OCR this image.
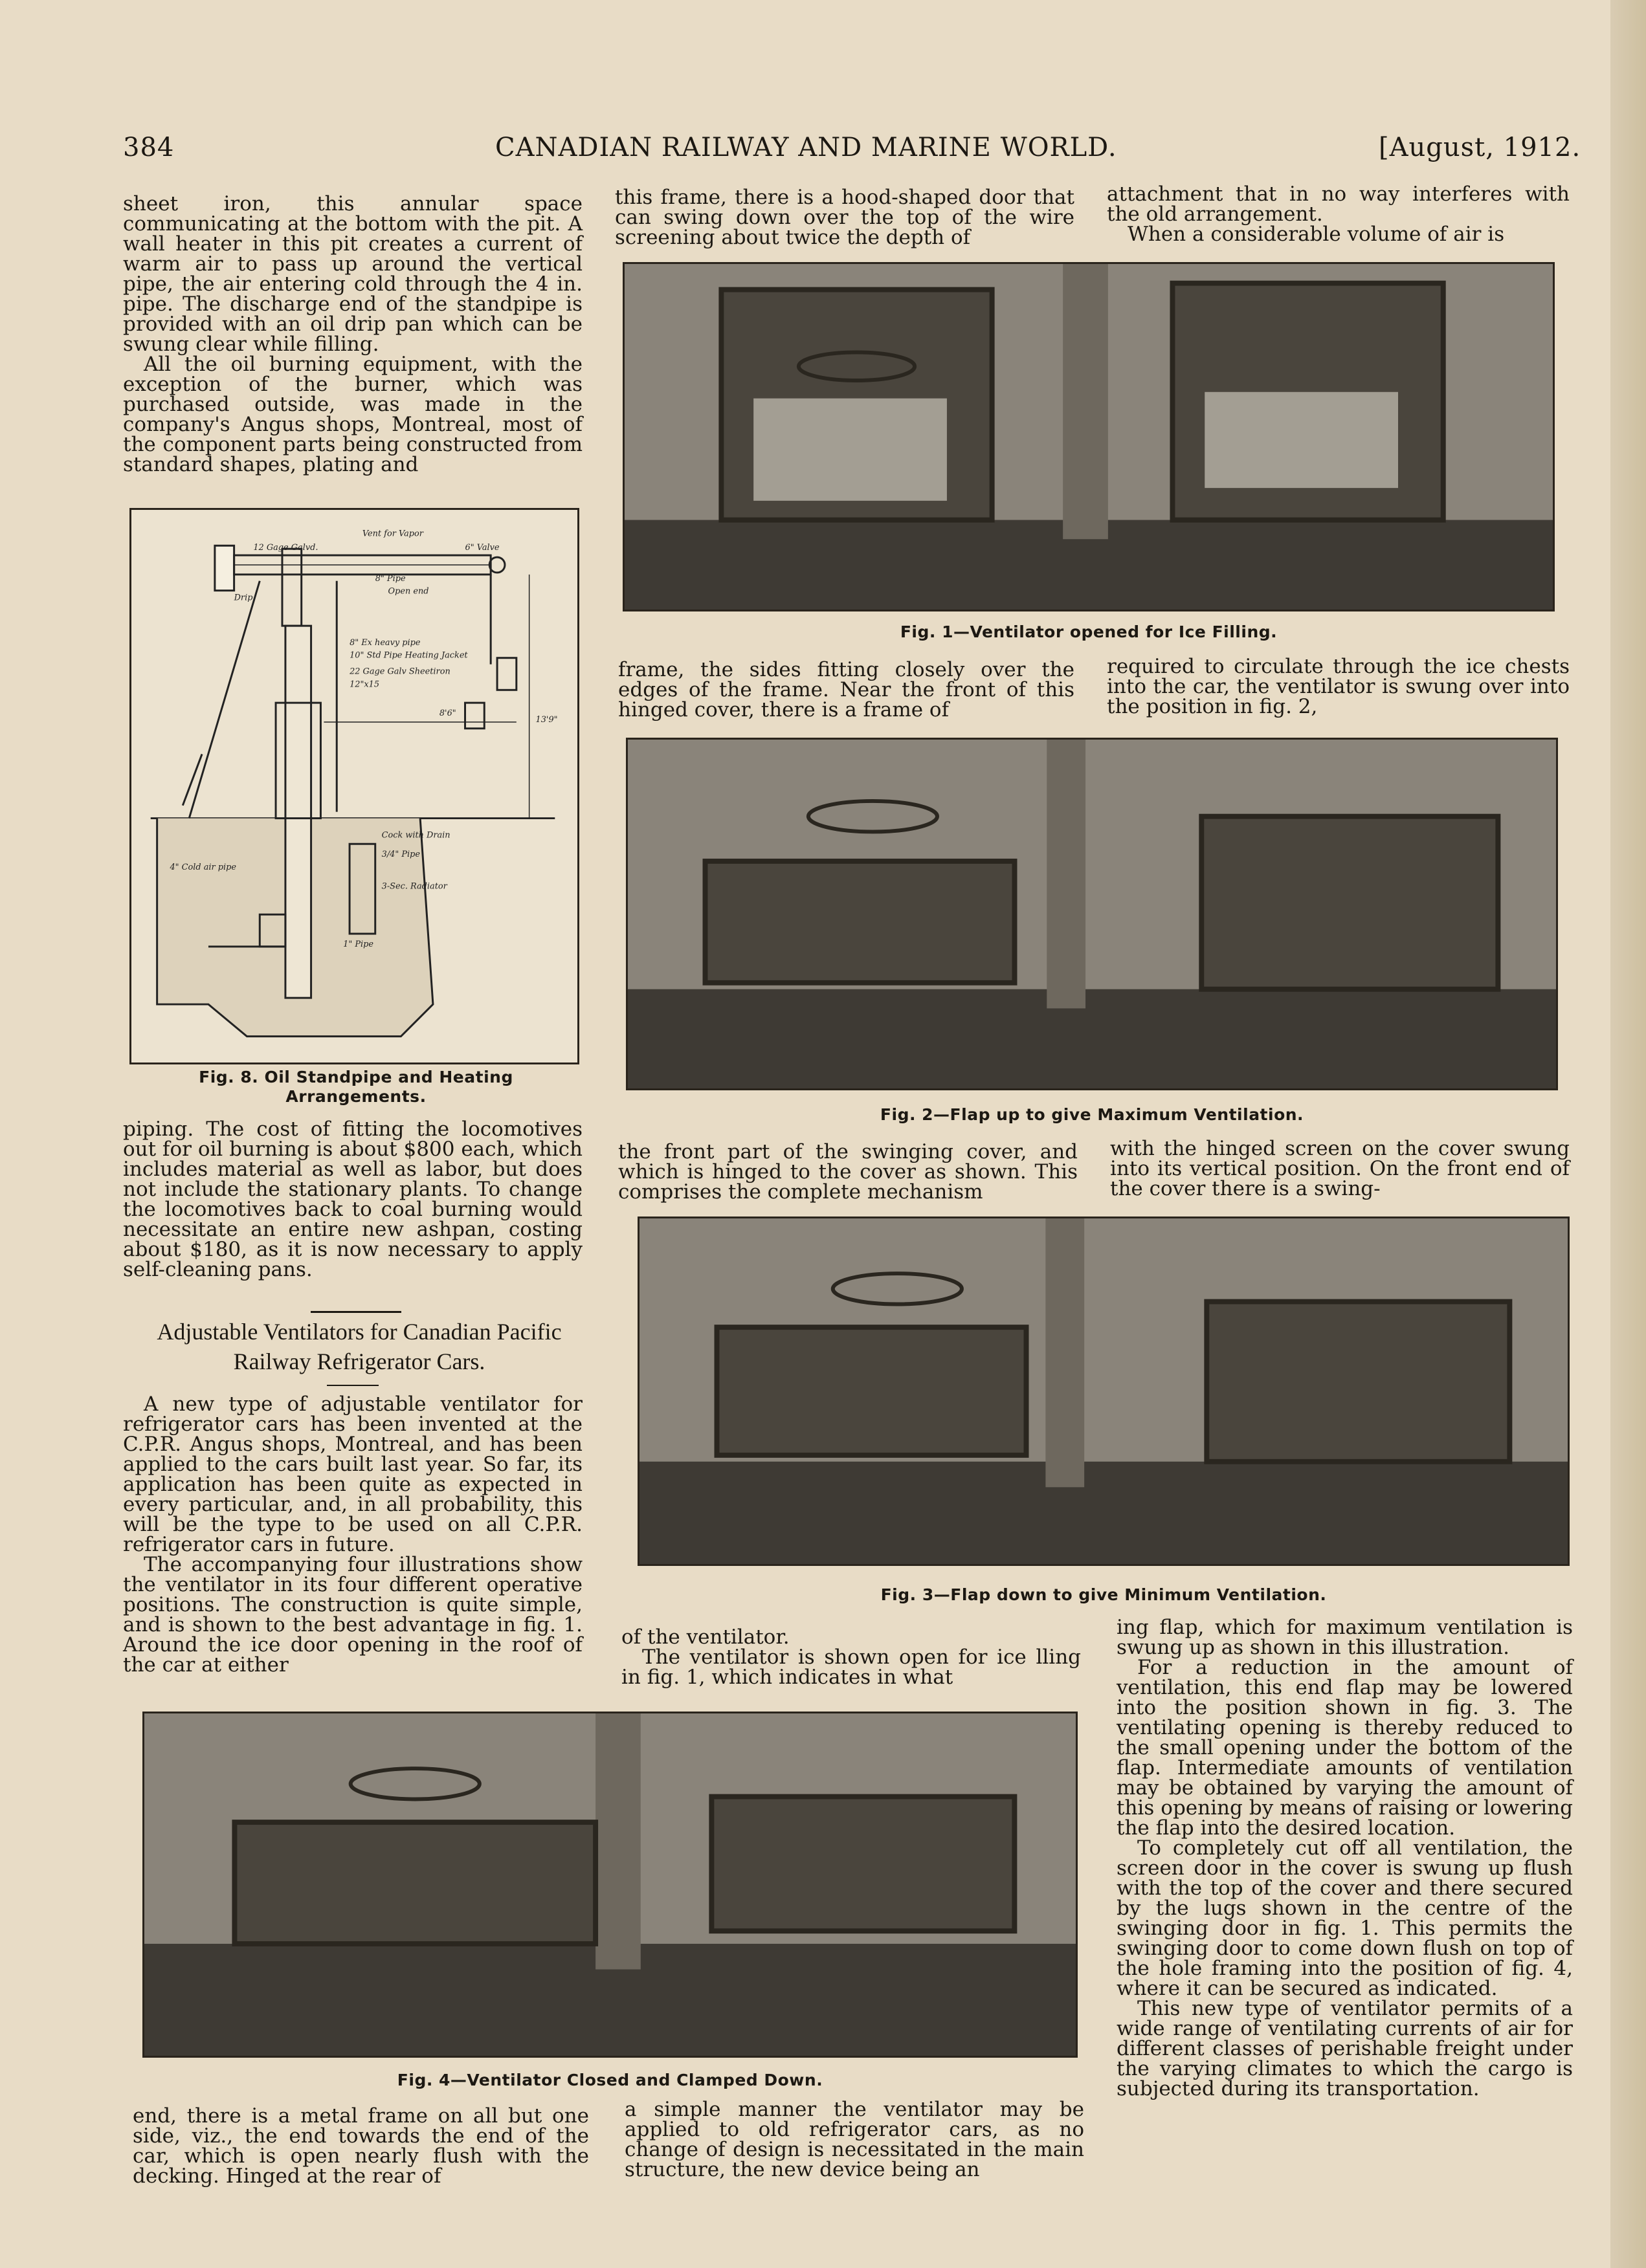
384	CANADIAN RAILWAY AND MARINE WORLD.	[August, 1912.

sheet iron, this annular space communicating at the bottom with the pit. A wall heater in this pit creates a current of warm air to pass up around the vertical pipe, the air entering cold through the 4 in. pipe. The discharge end of the standpipe is provided with an oil drip pan which can be swung clear while filling.

All the oil burning equipment, with the exception of the burner, which was purchased outside, was made in the company's Angus shops, Montreal, most of the component parts being constructed from standard shapes, plating and

Vent for Vapor
12 Gage Galvd.	6" Valve
8" Pipe
Open end
Drip
8" Ex heavy pipe
10" Std Pipe Heating Jacket
22 Gage Galv Sheetiron
12"x15
8'6"
13'9"
Cock with Drain
3/4" Pipe
3-Sec. Radiator
4" Cold air pipe
1" Pipe
Fig. 8. Oil Standpipe and Heating Arrangements.

piping. The cost of fitting the locomotives out for oil burning is about $800 each, which includes material as well as labor, but does not include the stationary plants. To change the locomotives back to coal burning would necessitate an entire new ashpan, costing about $180, as it is now necessary to apply self-cleaning pans.

Adjustable Ventilators for Canadian Pacific
Railway Refrigerator Cars.

A new type of adjustable ventilator for refrigerator cars has been invented at the C.P.R. Angus shops, Montreal, and has been applied to the cars built last year. So far, its application has been quite as expected in every particular, and, in all probability, this will be the type to be used on all C.P.R. refrigerator cars in future.

The accompanying four illustrations show the ventilator in its four different operative positions. The construction is quite simple, and is shown to the best advantage in fig. 1. Around the ice door opening in the roof of the car at either

this frame, there is a hood-shaped door that can swing down over the top of the wire screening about twice the depth of

attachment that in no way interferes with the old arrangement.

When a considerable volume of air is

Fig. 1—Ventilator opened for Ice Filling.

frame, the sides fitting closely over the edges of the frame. Near the front of this hinged cover, there is a frame of

required to circulate through the ice chests into the car, the ventilator is swung over into the position in fig. 2,

Fig. 2—Flap up to give Maximum Ventilation.

the front part of the swinging cover, and which is hinged to the cover as shown. This comprises the complete mechanism

with the hinged screen on the cover swung into its vertical position. On the front end of the cover there is a swing-

Fig. 3—Flap down to give Minimum Ventilation.

of the ventilator.

The ventilator is shown open for ice lling in fig. 1, which indicates in what

ing flap, which for maximum ventilation is swung up as shown in this illustration.

For a reduction in the amount of ventilation, this end flap may be lowered into the position shown in fig. 3. The ventilating opening is thereby reduced to the small opening under the bottom of the flap. Intermediate amounts of ventilation may be obtained by varying the amount of this opening by means of raising or lowering the flap into the desired location.

To completely cut off all ventilation, the screen door in the cover is swung up flush with the top of the cover and there secured by the lugs shown in the centre of the swinging door in fig. 1. This permits the swinging door to come down flush on top of the hole framing into the position of fig. 4, where it can be secured as indicated.

This new type of ventilator permits of a wide range of ventilating currents of air for different classes of perishable freight under the varying climates to which the cargo is subjected during its transportation.

Fig. 4—Ventilator Closed and Clamped Down.

end, there is a metal frame on all but one side, viz., the end towards the end of the car, which is open nearly flush with the decking. Hinged at the rear of

a simple manner the ventilator may be applied to old refrigerator cars, as no change of design is necessitated in the main structure, the new device being an
